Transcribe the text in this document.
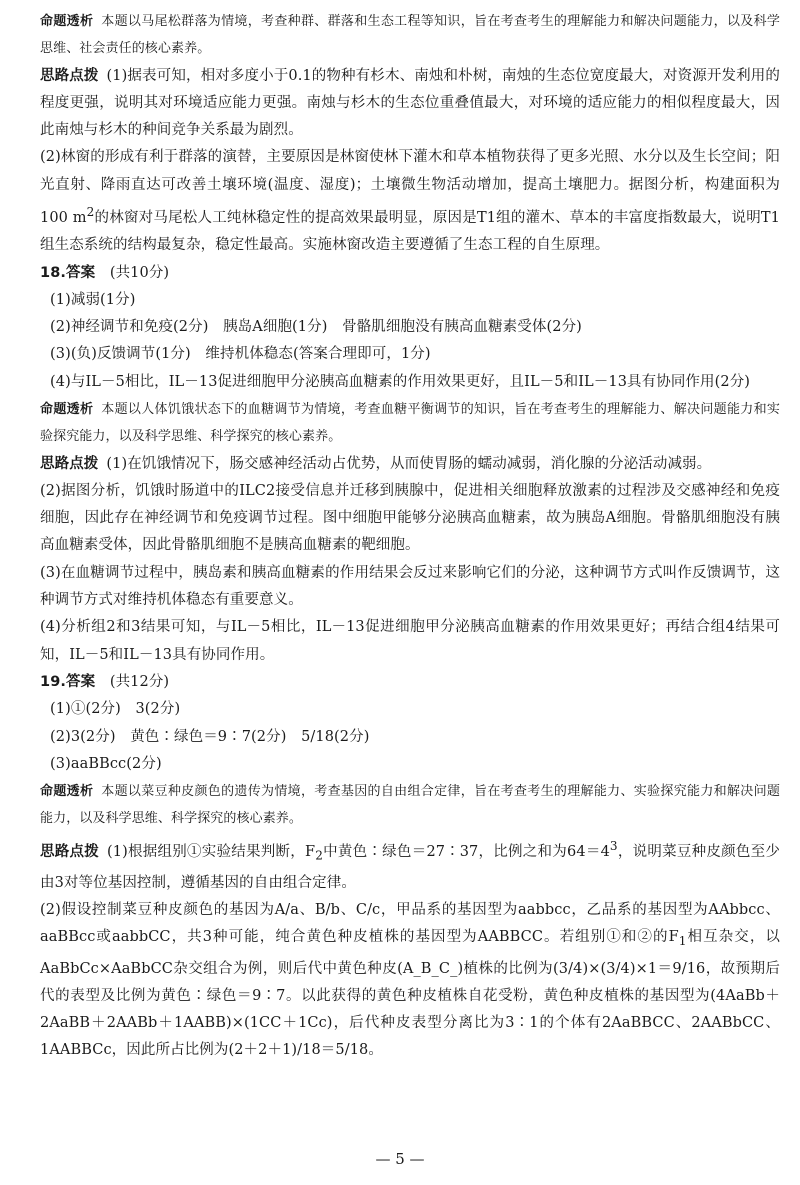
命题透析 本题以马尾松群落为情境，考查种群、群落和生态工程等知识，旨在考查考生的理解能力和解决问题能力，以及科学思维、社会责任的核心素养。

思路点拨 (1)据表可知，相对多度小于0.1的物种有杉木、南烛和朴树，南烛的生态位宽度最大，对资源开发利用的程度更强，说明其对环境适应能力更强。南烛与杉木的生态位重叠值最大，对环境的适应能力的相似程度最大，因此南烛与杉木的种间竞争关系最为剧烈。

(2)林窗的形成有利于群落的演替，主要原因是林窗使林下灌木和草本植物获得了更多光照、水分以及生长空间；阳光直射、降雨直达可改善土壤环境(温度、湿度)；土壤微生物活动增加，提高土壤肥力。据图分析，构建面积为100 $m^2$的林窗对马尾松人工纯林稳定性的提高效果最明显，原因是T1组的灌木、草本的丰富度指数最大，说明T1组生态系统的结构最复杂，稳定性最高。实施林窗改造主要遵循了生态工程的自生原理。

18.答案　 (共10分)

(1)减弱(1分)

(2)神经调节和免疫(2分)　胰岛A细胞(1分)　骨骼肌细胞没有胰高血糖素受体(2分)

(3)(负)反馈调节(1分)　维持机体稳态(答案合理即可，1分)

(4)与IL－5相比，IL－13促进细胞甲分泌胰高血糖素的作用效果更好，且IL－5和IL－13具有协同作用(2分)

命题透析 本题以人体饥饿状态下的血糖调节为情境，考查血糖平衡调节的知识，旨在考查考生的理解能力、解决问题能力和实验探究能力，以及科学思维、科学探究的核心素养。

思路点拨 (1)在饥饿情况下，肠交感神经活动占优势，从而使胃肠的蠕动减弱，消化腺的分泌活动减弱。

(2)据图分析，饥饿时肠道中的ILC2接受信息并迁移到胰腺中，促进相关细胞释放激素的过程涉及交感神经和免疫细胞，因此存在神经调节和免疫调节过程。图中细胞甲能够分泌胰高血糖素，故为胰岛A细胞。骨骼肌细胞没有胰高血糖素受体，因此骨骼肌细胞不是胰高血糖素的靶细胞。

(3)在血糖调节过程中，胰岛素和胰高血糖素的作用结果会反过来影响它们的分泌，这种调节方式叫作反馈调节，这种调节方式对维持机体稳态有重要意义。

(4)分析组2和3结果可知，与IL－5相比，IL－13促进细胞甲分泌胰高血糖素的作用效果更好；再结合组4结果可知，IL－5和IL－13具有协同作用。

19.答案　 (共12分)

(1)①(2分)　3(2分)

(2)3(2分)　黄色∶绿色＝9∶7(2分)　5/18(2分)

(3)aaBBcc(2分)

命题透析 本题以菜豆种皮颜色的遗传为情境，考查基因的自由组合定律，旨在考查考生的理解能力、实验探究能力和解决问题能力，以及科学思维、科学探究的核心素养。

思路点拨 (1)根据组别①实验结果判断，$F_2$中黄色∶绿色＝27∶37，比例之和为$64=4^3$，说明菜豆种皮颜色至少由3对等位基因控制，遵循基因的自由组合定律。

(2)假设控制菜豆种皮颜色的基因为A/a、B/b、C/c，甲品系的基因型为aabbcc，乙品系的基因型为AAbbcc、aaBBcc或aabbCC，共3种可能，纯合黄色种皮植株的基因型为AABBCC。若组别①和②的$F_1$相互杂交，以AaBbCc×AaBbCC杂交组合为例，则后代中黄色种皮(A_B_C_)植株的比例为(3/4)×(3/4)×1＝9/16，故预期后代的表型及比例为黄色∶绿色＝9∶7。以此获得的黄色种皮植株自花受粉，黄色种皮植株的基因型为(4AaBb＋2AaBB＋2AABb＋1AABB)×(1CC＋1Cc)，后代种皮表型分离比为3∶1的个体有2AaBBCC、2AABbCC、1AABBCc，因此所占比例为(2＋2＋1)/18＝5/18。

— 5 —
